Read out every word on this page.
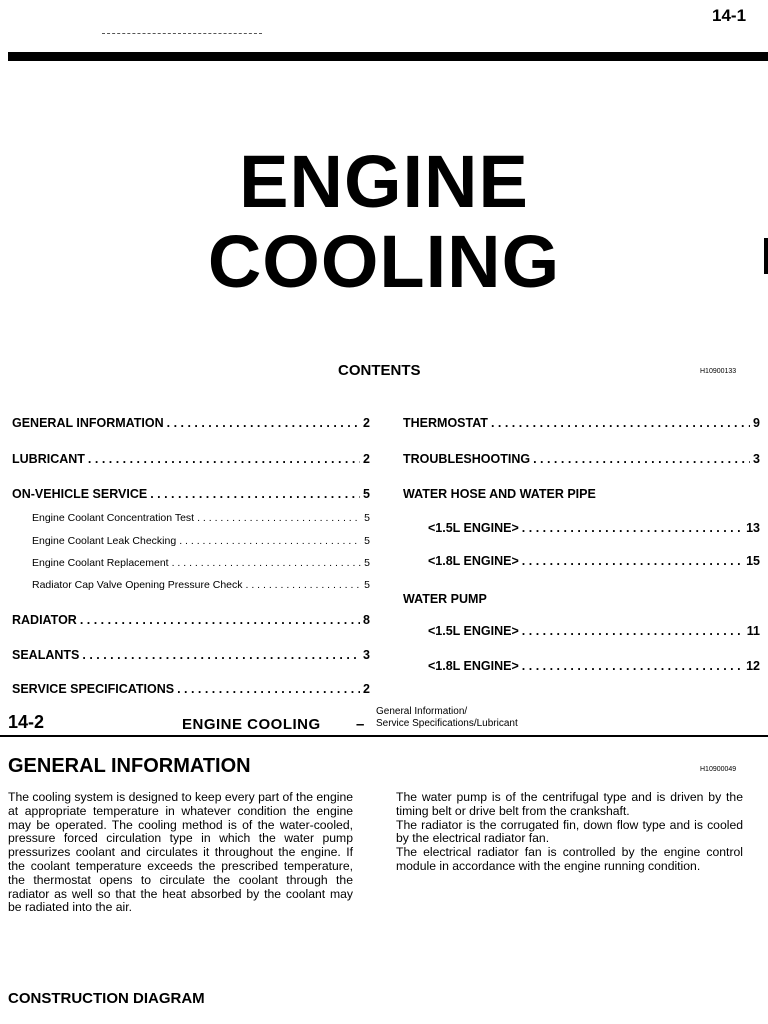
14-1
ENGINE
COOLING
CONTENTS	H10900133
GENERAL INFORMATION . . .	2
LUBRICANT . . .	2
ON-VEHICLE SERVICE . . .	5
Engine Coolant Concentration Test . . .	5
Engine Coolant Leak Checking . . .	5
Engine Coolant Replacement . . .	5
Radiator Cap Valve Opening Pressure Check . . .	5
RADIATOR . . .	8
SEALANTS . . .	3
SERVICE SPECIFICATIONS . . .	2
THERMOSTAT . . .	9
TROUBLESHOOTING . . .	3
WATER HOSE AND WATER PIPE
<1.5L ENGINE> . . .	13
<1.8L ENGINE> . . .	15
WATER PUMP
<1.5L ENGINE> . . .	11
<1.8L ENGINE> . . .	12
14-2	ENGINE COOLING –
General Information/
Service Specifications/Lubricant
GENERAL INFORMATION	H10900049
The cooling system is designed to keep every part of the engine at appropriate temperature in whatever condition the engine may be operated. The cooling method is of the water-cooled, pressure forced circulation type in which the water pump pressurizes coolant and circulates it throughout the engine. If the coolant temperature exceeds the prescribed temperature, the thermostat opens to circulate the coolant through the radiator as well so that the heat absorbed by the coolant may be radiated into the air.
The water pump is of the centrifugal type and is driven by the timing belt or drive belt from the crankshaft.
The radiator is the corrugated fin, down flow type and is cooled by the electrical radiator fan.
The electrical radiator fan is controlled by the engine control module in accordance with the engine running condition.
CONSTRUCTION DIAGRAM
